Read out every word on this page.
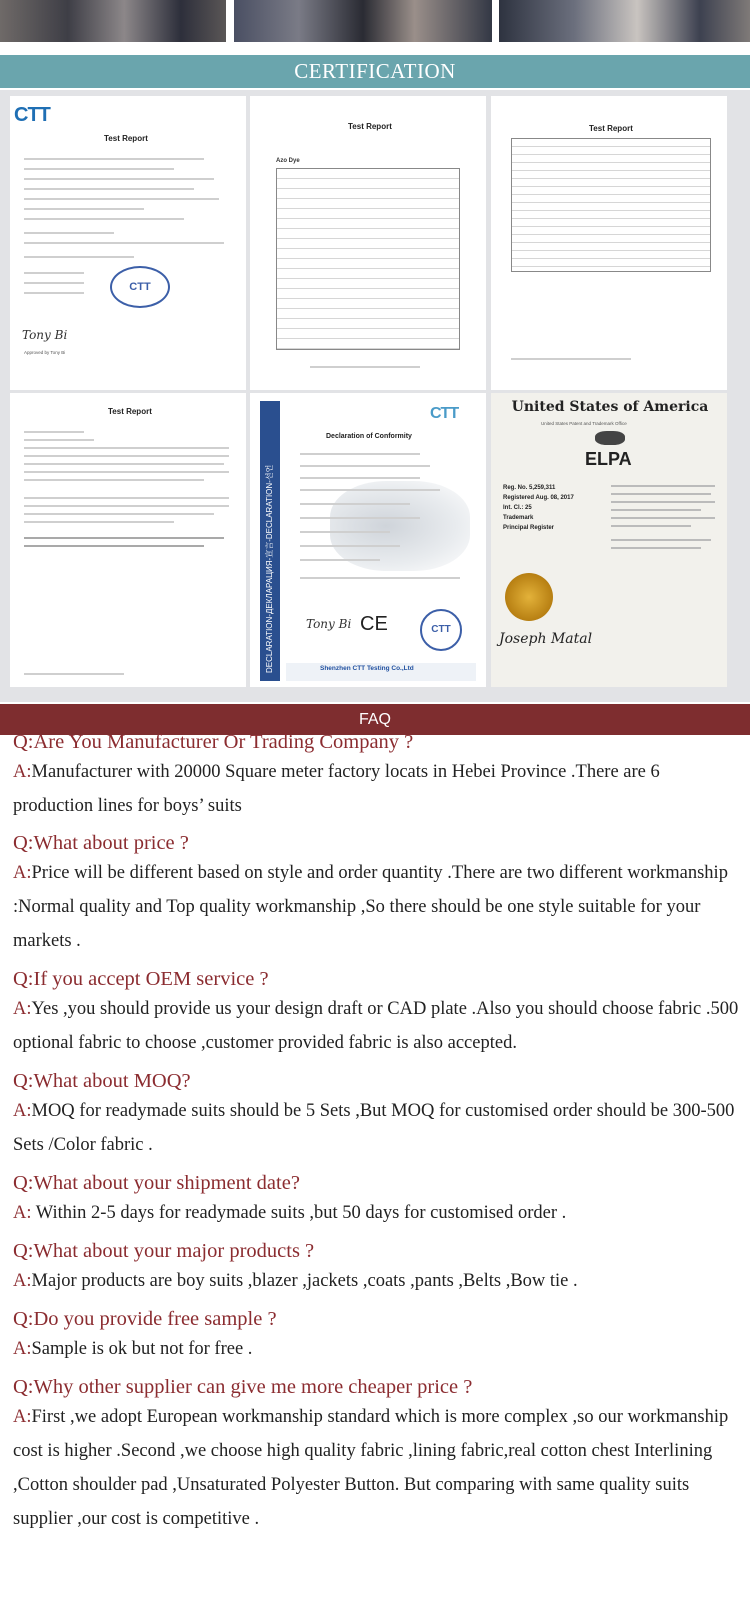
CERTIFICATION
CTT
Test Report
CTT
Tony Bi
Approved by Tony Bi
Test Report
Azo Dye
Test Report
Test Report
DECLARATION-ДЕКЛАРАЦИЯ-宣言-DECLARATION-선언
CTT
Declaration of Conformity
Tony Bi CE	CTT
Shenzhen CTT Testing Co.,Ltd
United States of America
United States Patent and Trademark Office
ELPA
Reg. No. 5,259,311
Registered Aug. 08, 2017
Int. Cl.: 25
Trademark
Principal Register
Joseph Matal
FAQ
Q:Are You Manufacturer Or Trading Company ?
A:Manufacturer with 20000 Square meter factory locats in Hebei Province .There are 6 production lines for boys’ suits
Q:What about price ?
A:Price will be different based on style and order quantity .There are two different workmanship :Normal quality and Top quality workmanship ,So there should be one style suitable for your markets .
Q:If you accept OEM service ?
A:Yes ,you should provide us your design draft or CAD plate .Also you should choose fabric .500 optional fabric to choose ,customer provided fabric is also accepted.
Q:What about MOQ?
A:MOQ for readymade suits should be 5 Sets ,But MOQ for customised order should be 300-500 Sets /Color fabric .
Q:What about your shipment date?
A: Within 2-5 days for readymade suits ,but 50 days for customised order .
Q:What about your major products ?
A:Major products are boy suits ,blazer ,jackets ,coats ,pants ,Belts ,Bow tie .
Q:Do you provide free sample ?
A:Sample is ok but not for free .
Q:Why other supplier can give me more cheaper price ?
A:First ,we adopt European workmanship standard which is more complex ,so our workmanship cost is higher .Second ,we choose high quality fabric ,lining fabric,real cotton chest Interlining ,Cotton shoulder pad ,Unsaturated Polyester Button. But comparing with same quality suits supplier ,our cost is competitive .
